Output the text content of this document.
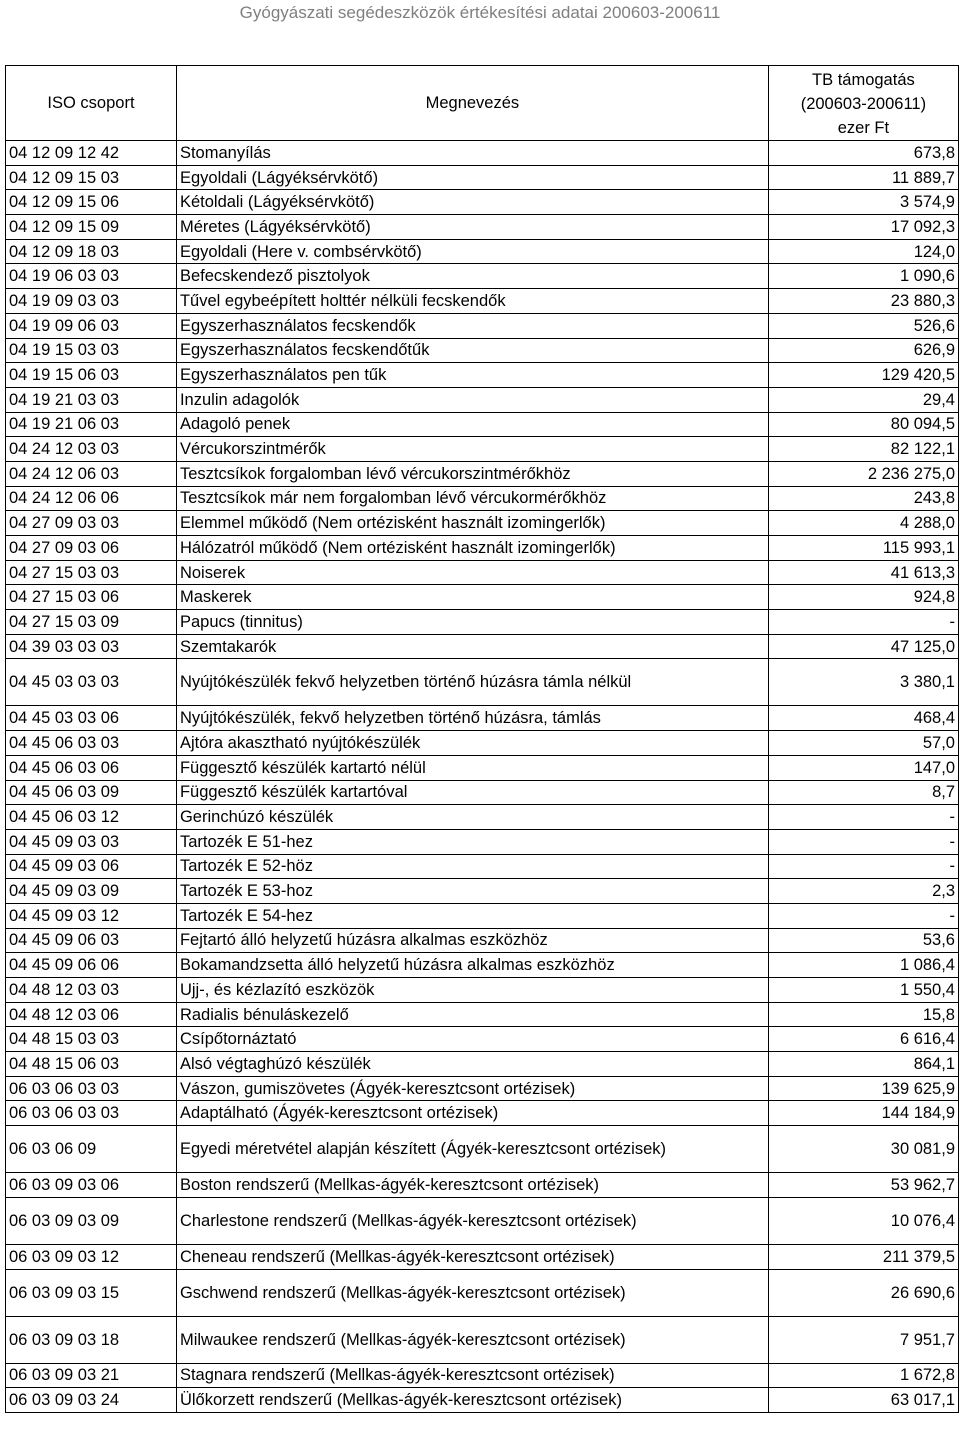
Gyógyászati segédeszközök értékesítési adatai 200603-200611
ISO csoport	Megnevezés	TB támogatás
(200603-200611)
ezer Ft

04 12 09 12 42	Stomanyílás	673,8
04 12 09 15 03	Egyoldali (Lágyéksérvkötő)	11 889,7
04 12 09 15 06	Kétoldali (Lágyéksérvkötő)	3 574,9
04 12 09 15 09	Méretes (Lágyéksérvkötő)	17 092,3
04 12 09 18 03	Egyoldali (Here v. combsérvkötő)	124,0
04 19 06 03 03	Befecskendező pisztolyok	1 090,6
04 19 09 03 03	Tűvel egybeépített holttér nélküli fecskendők	23 880,3
04 19 09 06 03	Egyszerhasználatos fecskendők	526,6
04 19 15 03 03	Egyszerhasználatos fecskendőtűk	626,9
04 19 15 06 03	Egyszerhasználatos pen tűk	129 420,5
04 19 21 03 03	Inzulin adagolók	29,4
04 19 21 06 03	Adagoló penek	80 094,5
04 24 12 03 03	Vércukorszintmérők	82 122,1
04 24 12 06 03	Tesztcsíkok forgalomban lévő vércukorszintmérőkhöz	2 236 275,0
04 24 12 06 06	Tesztcsíkok már nem forgalomban lévő vércukormérőkhöz	243,8
04 27 09 03 03	Elemmel működő (Nem ortézisként használt izomingerlők)	4 288,0
04 27 09 03 06	Hálózatról működő (Nem ortézisként használt izomingerlők)	115 993,1
04 27 15 03 03	Noiserek	41 613,3
04 27 15 03 06	Maskerek	924,8
04 27 15 03 09	Papucs (tinnitus)	-
04 39 03 03 03	Szemtakarók	47 125,0
04 45 03 03 03	Nyújtókészülék fekvő helyzetben történő húzásra támla nélkül	3 380,1
04 45 03 03 06	Nyújtókészülék, fekvő helyzetben történő húzásra, támlás	468,4
04 45 06 03 03	Ajtóra akasztható nyújtókészülék	57,0
04 45 06 03 06	Függesztő készülék kartartó nélül	147,0
04 45 06 03 09	Függesztő készülék kartartóval	8,7
04 45 06 03 12	Gerinchúzó készülék	-
04 45 09 03 03	Tartozék E 51-hez	-
04 45 09 03 06	Tartozék E 52-höz	-
04 45 09 03 09	Tartozék E 53-hoz	2,3
04 45 09 03 12	Tartozék E 54-hez	-
04 45 09 06 03	Fejtartó álló helyzetű húzásra alkalmas eszközhöz	53,6
04 45 09 06 06	Bokamandzsetta álló helyzetű húzásra alkalmas eszközhöz	1 086,4
04 48 12 03 03	Ujj-, és kézlazító eszközök	1 550,4
04 48 12 03 06	Radialis bénuláskezelő	15,8
04 48 15 03 03	Csípőtornáztató	6 616,4
04 48 15 06 03	Alsó végtaghúzó készülék	864,1
06 03 06 03 03	Vászon, gumiszövetes (Ágyék-keresztcsont ortézisek)	139 625,9
06 03 06 03 03	Adaptálható (Ágyék-keresztcsont ortézisek)	144 184,9
06 03 06 09	Egyedi méretvétel alapján készített (Ágyék-keresztcsont ortézisek)	30 081,9
06 03 09 03 06	Boston rendszerű (Mellkas-ágyék-keresztcsont ortézisek)	53 962,7
06 03 09 03 09	Charlestone rendszerű (Mellkas-ágyék-keresztcsont ortézisek)	10 076,4
06 03 09 03 12	Cheneau rendszerű (Mellkas-ágyék-keresztcsont ortézisek)	211 379,5
06 03 09 03 15	Gschwend rendszerű (Mellkas-ágyék-keresztcsont ortézisek)	26 690,6
06 03 09 03 18	Milwaukee rendszerű (Mellkas-ágyék-keresztcsont ortézisek)	7 951,7
06 03 09 03 21	Stagnara rendszerű (Mellkas-ágyék-keresztcsont ortézisek)	1 672,8
06 03 09 03 24	Ülőkorzett rendszerű (Mellkas-ágyék-keresztcsont ortézisek)	63 017,1
